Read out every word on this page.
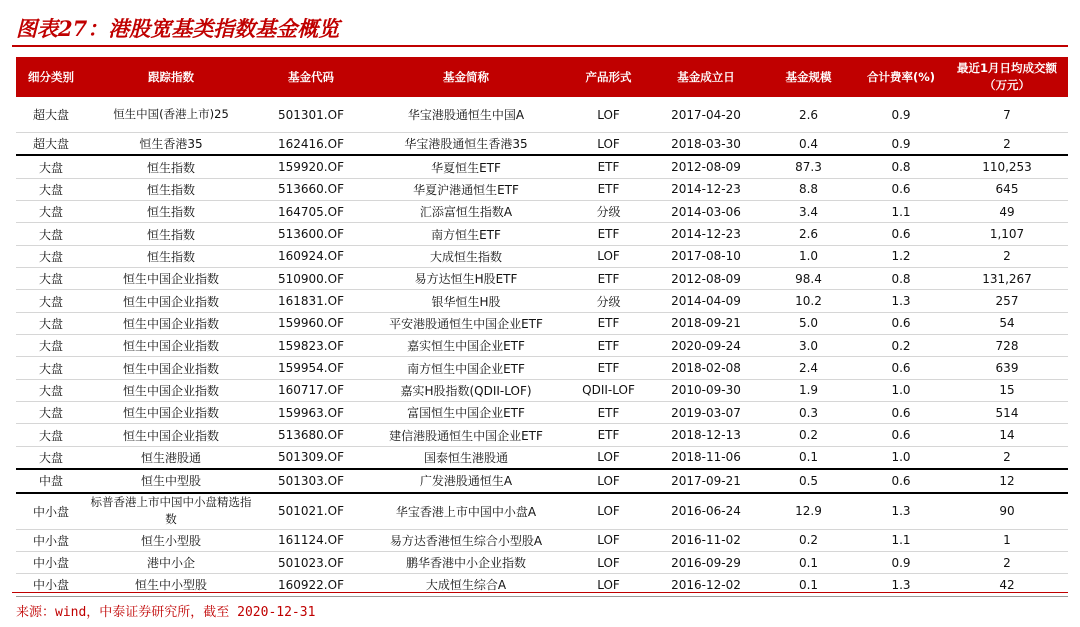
图表27：港股宽基类指数基金概览
细分类别	跟踪指数	基金代码	基金简称	产品形式	基金成立日	基金规模	合计费率(%)	最近1月日均成交额（万元）
超大盘	恒生中国(香港上市)25	501301.OF	华宝港股通恒生中国A	LOF	2017-04-20	2.6	0.9	7
超大盘	恒生香港35	162416.OF	华宝港股通恒生香港35	LOF	2018-03-30	0.4	0.9	2
大盘	恒生指数	159920.OF	华夏恒生ETF	ETF	2012-08-09	87.3	0.8	110,253
大盘	恒生指数	513660.OF	华夏沪港通恒生ETF	ETF	2014-12-23	8.8	0.6	645
大盘	恒生指数	164705.OF	汇添富恒生指数A	分级	2014-03-06	3.4	1.1	49
大盘	恒生指数	513600.OF	南方恒生ETF	ETF	2014-12-23	2.6	0.6	1,107
大盘	恒生指数	160924.OF	大成恒生指数	LOF	2017-08-10	1.0	1.2	2
大盘	恒生中国企业指数	510900.OF	易方达恒生H股ETF	ETF	2012-08-09	98.4	0.8	131,267
大盘	恒生中国企业指数	161831.OF	银华恒生H股	分级	2014-04-09	10.2	1.3	257
大盘	恒生中国企业指数	159960.OF	平安港股通恒生中国企业ETF	ETF	2018-09-21	5.0	0.6	54
大盘	恒生中国企业指数	159823.OF	嘉实恒生中国企业ETF	ETF	2020-09-24	3.0	0.2	728
大盘	恒生中国企业指数	159954.OF	南方恒生中国企业ETF	ETF	2018-02-08	2.4	0.6	639
大盘	恒生中国企业指数	160717.OF	嘉实H股指数(QDII-LOF)	QDII-LOF	2010-09-30	1.9	1.0	15
大盘	恒生中国企业指数	159963.OF	富国恒生中国企业ETF	ETF	2019-03-07	0.3	0.6	514
大盘	恒生中国企业指数	513680.OF	建信港股通恒生中国企业ETF	ETF	2018-12-13	0.2	0.6	14
大盘	恒生港股通	501309.OF	国泰恒生港股通	LOF	2018-11-06	0.1	1.0	2
中盘	恒生中型股	501303.OF	广发港股通恒生A	LOF	2017-09-21	0.5	0.6	12
中小盘	标普香港上市中国中小盘精选指数	501021.OF	华宝香港上市中国中小盘A	LOF	2016-06-24	12.9	1.3	90
中小盘	恒生小型股	161124.OF	易方达香港恒生综合小型股A	LOF	2016-11-02	0.2	1.1	1
中小盘	港中小企	501023.OF	鹏华香港中小企业指数	LOF	2016-09-29	0.1	0.9	2
中小盘	恒生中小型股	160922.OF	大成恒生综合A	LOF	2016-12-02	0.1	1.3	42
来源：wind，中泰证券研究所，截至 2020-12-31
